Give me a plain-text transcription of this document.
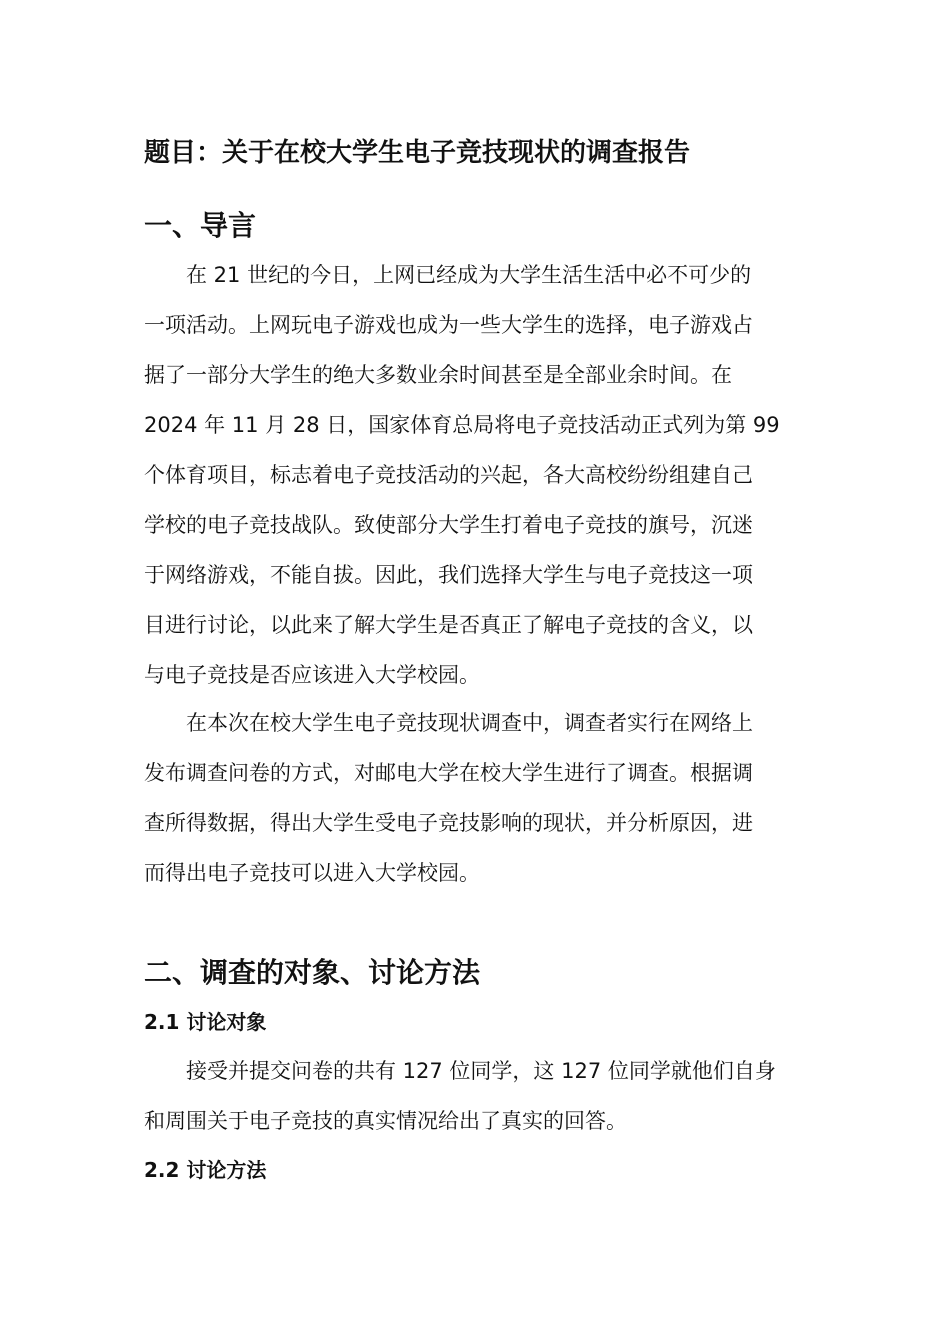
题目：关于在校大学生电子竞技现状的调查报告
一、导言
在 21 世纪的今日，上网已经成为大学生活生活中必不可少的
一项活动。上网玩电子游戏也成为一些大学生的选择，电子游戏占
据了一部分大学生的绝大多数业余时间甚至是全部业余时间。在
2024 年 11 月 28 日，国家体育总局将电子竞技活动正式列为第 99
个体育项目，标志着电子竞技活动的兴起，各大高校纷纷组建自己
学校的电子竞技战队。致使部分大学生打着电子竞技的旗号，沉迷
于网络游戏，不能自拔。因此，我们选择大学生与电子竞技这一项
目进行讨论，以此来了解大学生是否真正了解电子竞技的含义，以
与电子竞技是否应该进入大学校园。
在本次在校大学生电子竞技现状调查中，调查者实行在网络上
发布调查问卷的方式，对邮电大学在校大学生进行了调查。根据调
查所得数据，得出大学生受电子竞技影响的现状，并分析原因，进
而得出电子竞技可以进入大学校园。
二、调查的对象、讨论方法
2.1 讨论对象
接受并提交问卷的共有 127 位同学，这 127 位同学就他们自身
和周围关于电子竞技的真实情况给出了真实的回答。
2.2 讨论方法
